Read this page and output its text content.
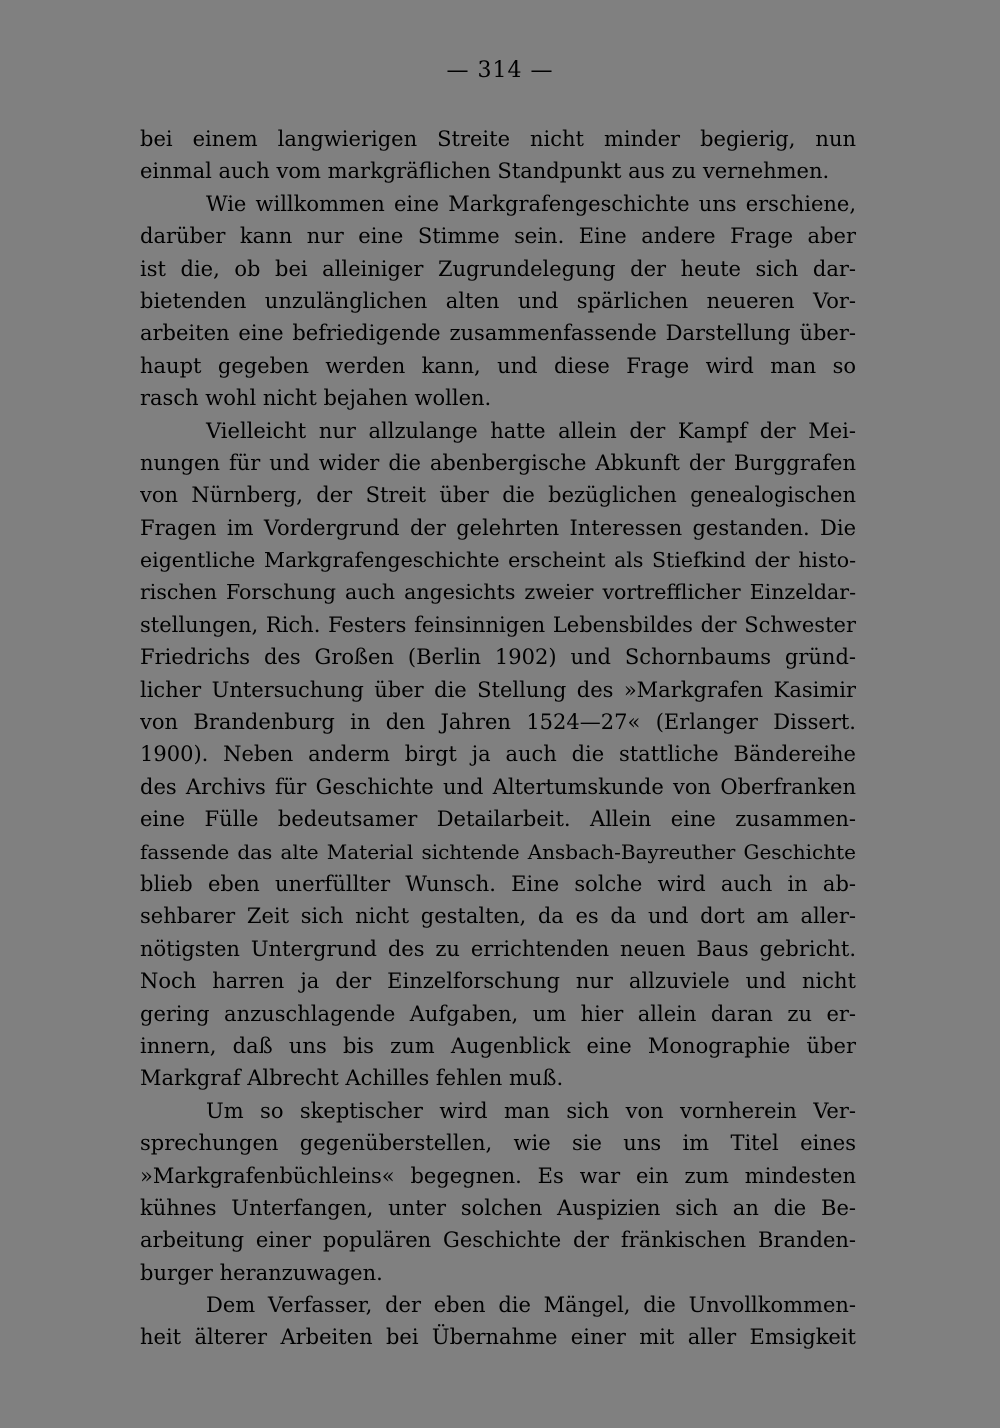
— 314 —
bei einem langwierigen Streite nicht minder begierig, nun
einmal auch vom markgräflichen Standpunkt aus zu vernehmen.
Wie willkommen eine Markgrafengeschichte uns erschiene,
darüber kann nur eine Stimme sein. Eine andere Frage aber
ist die, ob bei alleiniger Zugrundelegung der heute sich dar-
bietenden unzulänglichen alten und spärlichen neueren Vor-
arbeiten eine befriedigende zusammenfassende Darstellung über-
haupt gegeben werden kann, und diese Frage wird man so
rasch wohl nicht bejahen wollen.
Vielleicht nur allzulange hatte allein der Kampf der Mei-
nungen für und wider die abenbergische Abkunft der Burggrafen
von Nürnberg, der Streit über die bezüglichen genealogischen
Fragen im Vordergrund der gelehrten Interessen gestanden. Die
eigentliche Markgrafengeschichte erscheint als Stiefkind der histo-
rischen Forschung auch angesichts zweier vortrefflicher Einzeldar-
stellungen, Rich. Festers feinsinnigen Lebensbildes der Schwester
Friedrichs des Großen (Berlin 1902) und Schornbaums gründ-
licher Untersuchung über die Stellung des »Markgrafen Kasimir
von Brandenburg in den Jahren 1524—27« (Erlanger Dissert.
1900). Neben anderm birgt ja auch die stattliche Bändereihe
des Archivs für Geschichte und Altertumskunde von Oberfranken
eine Fülle bedeutsamer Detailarbeit. Allein eine zusammen-
fassende das alte Material sichtende Ansbach-Bayreuther Geschichte
blieb eben unerfüllter Wunsch. Eine solche wird auch in ab-
sehbarer Zeit sich nicht gestalten, da es da und dort am aller-
nötigsten Untergrund des zu errichtenden neuen Baus gebricht.
Noch harren ja der Einzelforschung nur allzuviele und nicht
gering anzuschlagende Aufgaben, um hier allein daran zu er-
innern, daß uns bis zum Augenblick eine Monographie über
Markgraf Albrecht Achilles fehlen muß.
Um so skeptischer wird man sich von vornherein Ver-
sprechungen gegenüberstellen, wie sie uns im Titel eines
»Markgrafenbüchleins« begegnen. Es war ein zum mindesten
kühnes Unterfangen, unter solchen Auspizien sich an die Be-
arbeitung einer populären Geschichte der fränkischen Branden-
burger heranzuwagen.
Dem Verfasser, der eben die Mängel, die Unvollkommen-
heit älterer Arbeiten bei Übernahme einer mit aller Emsigkeit
